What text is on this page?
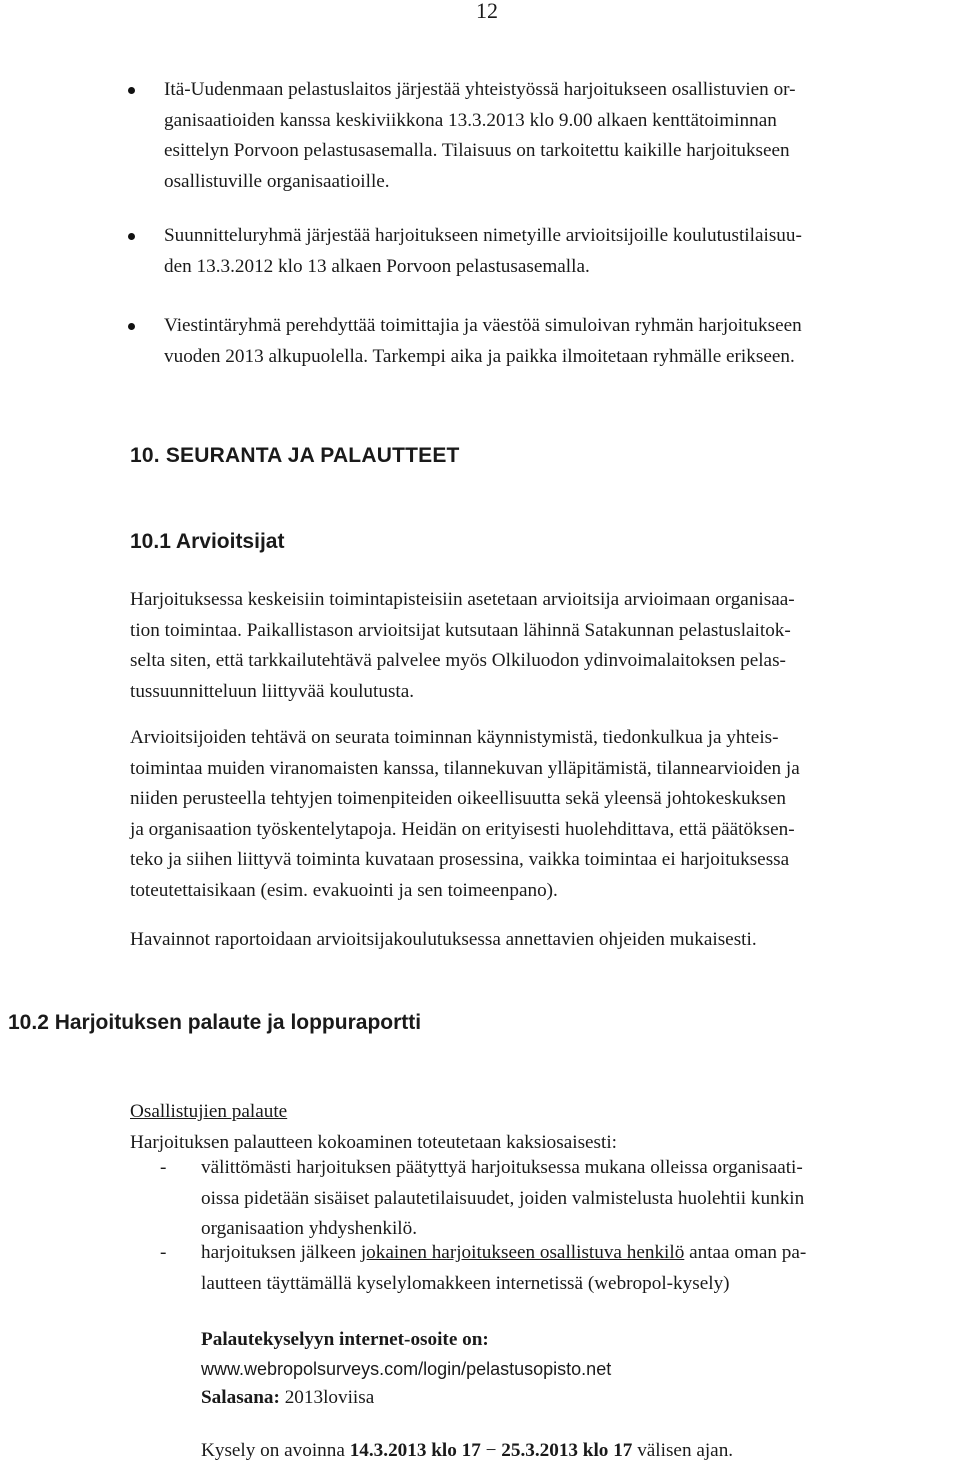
12
Itä-Uudenmaan pelastuslaitos järjestää yhteistyössä harjoitukseen osallistuvien or-
ganisaatioiden kanssa keskiviikkona 13.3.2013 klo 9.00 alkaen kenttätoiminnan
esittelyn Porvoon pelastusasemalla. Tilaisuus on tarkoitettu kaikille harjoitukseen
osallistuville organisaatioille.
Suunnitteluryhmä järjestää harjoitukseen nimetyille arvioitsijoille koulutustilaisuu-
den 13.3.2012 klo 13 alkaen Porvoon pelastusasemalla.
Viestintäryhmä perehdyttää toimittajia ja väestöä simuloivan ryhmän harjoitukseen
vuoden 2013 alkupuolella. Tarkempi aika ja paikka ilmoitetaan ryhmälle erikseen.
10. SEURANTA JA PALAUTTEET
10.1 Arvioitsijat
Harjoituksessa keskeisiin toimintapisteisiin asetetaan arvioitsija arvioimaan organisaa-
tion toimintaa. Paikallistason arvioitsijat kutsutaan lähinnä Satakunnan pelastuslaitok-
selta siten, että tarkkailutehtävä palvelee myös Olkiluodon ydinvoimalaitoksen pelas-
tussuunnitteluun liittyvää koulutusta.
Arvioitsijoiden tehtävä on seurata toiminnan käynnistymistä, tiedonkulkua ja yhteis-
toimintaa muiden viranomaisten kanssa, tilannekuvan ylläpitämistä, tilannearvioiden ja
niiden perusteella tehtyjen toimenpiteiden oikeellisuutta sekä yleensä johtokeskuksen
ja organisaation työskentelytapoja. Heidän on erityisesti huolehdittava, että päätöksen-
teko ja siihen liittyvä toiminta kuvataan prosessina, vaikka toimintaa ei harjoituksessa
toteutettaisikaan (esim. evakuointi ja sen toimeenpano).
Havainnot raportoidaan arvioitsijakoulutuksessa annettavien ohjeiden mukaisesti.
10.2 Harjoituksen palaute ja loppuraportti
Osallistujien palaute
Harjoituksen palautteen kokoaminen toteutetaan kaksiosaisesti:
- välittömästi harjoituksen päätyttyä harjoituksessa mukana olleissa organisaati-
oissa pidetään sisäiset palautetilaisuudet, joiden valmistelusta huolehtii kunkin
organisaation yhdyshenkilö.
- harjoituksen jälkeen jokainen harjoitukseen osallistuva henkilö antaa oman pa-
lautteen täyttämällä kyselylomakkeen internetissä (webropol-kysely)
Palautekyselyyn internet-osoite on:
www.webropolsurveys.com/login/pelastusopisto.net
Salasana: 2013loviisa
Kysely on avoinna 14.3.2013 klo 17 − 25.3.2013 klo 17 välisen ajan.
